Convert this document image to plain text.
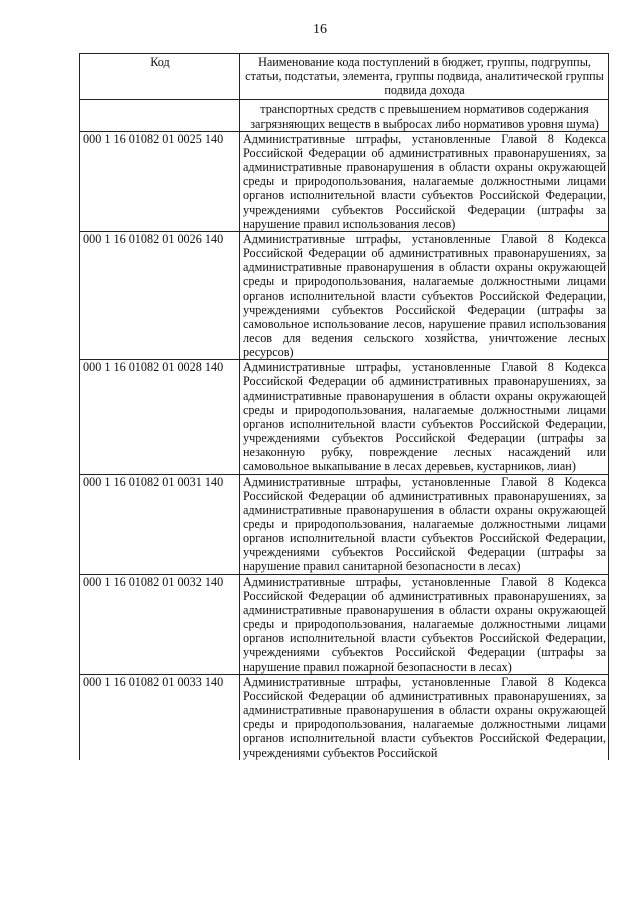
16
Код	Наименование кода поступлений в бюджет, группы, подгруппы, статьи, подстатьи, элемента, группы подвида, аналитической группы подвида дохода
	транспортных средств с превышением нормативов содержания загрязняющих веществ в выбросах либо нормативов уровня шума)
000 1 16 01082 01 0025 140	Административные штрафы, установленные Главой 8 Кодекса Российской Федерации об административных правонарушениях, за административные правонарушения в области охраны окружающей среды и природопользования, налагаемые должностными лицами органов исполнительной власти субъектов Российской Федерации, учреждениями субъектов Российской Федерации (штрафы за нарушение правил использования лесов)
000 1 16 01082 01 0026 140	Административные штрафы, установленные Главой 8 Кодекса Российской Федерации об административных правонарушениях, за административные правонарушения в области охраны окружающей среды и природопользования, налагаемые должностными лицами органов исполнительной власти субъектов Российской Федерации, учреждениями субъектов Российской Федерации (штрафы за самовольное использование лесов, нарушение правил использования лесов для ведения сельского хозяйства, уничтожение лесных ресурсов)
000 1 16 01082 01 0028 140	Административные штрафы, установленные Главой 8 Кодекса Российской Федерации об административных правонарушениях, за административные правонарушения в области охраны окружающей среды и природопользования, налагаемые должностными лицами органов исполнительной власти субъектов Российской Федерации, учреждениями субъектов Российской Федерации (штрафы за незаконную рубку, повреждение лесных насаждений или самовольное выкапывание в лесах деревьев, кустарников, лиан)
000 1 16 01082 01 0031 140	Административные штрафы, установленные Главой 8 Кодекса Российской Федерации об административных правонарушениях, за административные правонарушения в области охраны окружающей среды и природопользования, налагаемые должностными лицами органов исполнительной власти субъектов Российской Федерации, учреждениями субъектов Российской Федерации (штрафы за нарушение правил санитарной безопасности в лесах)
000 1 16 01082 01 0032 140	Административные штрафы, установленные Главой 8 Кодекса Российской Федерации об административных правонарушениях, за административные правонарушения в области охраны окружающей среды и природопользования, налагаемые должностными лицами органов исполнительной власти субъектов Российской Федерации, учреждениями субъектов Российской Федерации (штрафы за нарушение правил пожарной безопасности в лесах)
000 1 16 01082 01 0033 140	Административные штрафы, установленные Главой 8 Кодекса Российской Федерации об административных правонарушениях, за административные правонарушения в области охраны окружающей среды и природопользования, налагаемые должностными лицами органов исполнительной власти субъектов Российской Федерации, учреждениями субъектов Российской
